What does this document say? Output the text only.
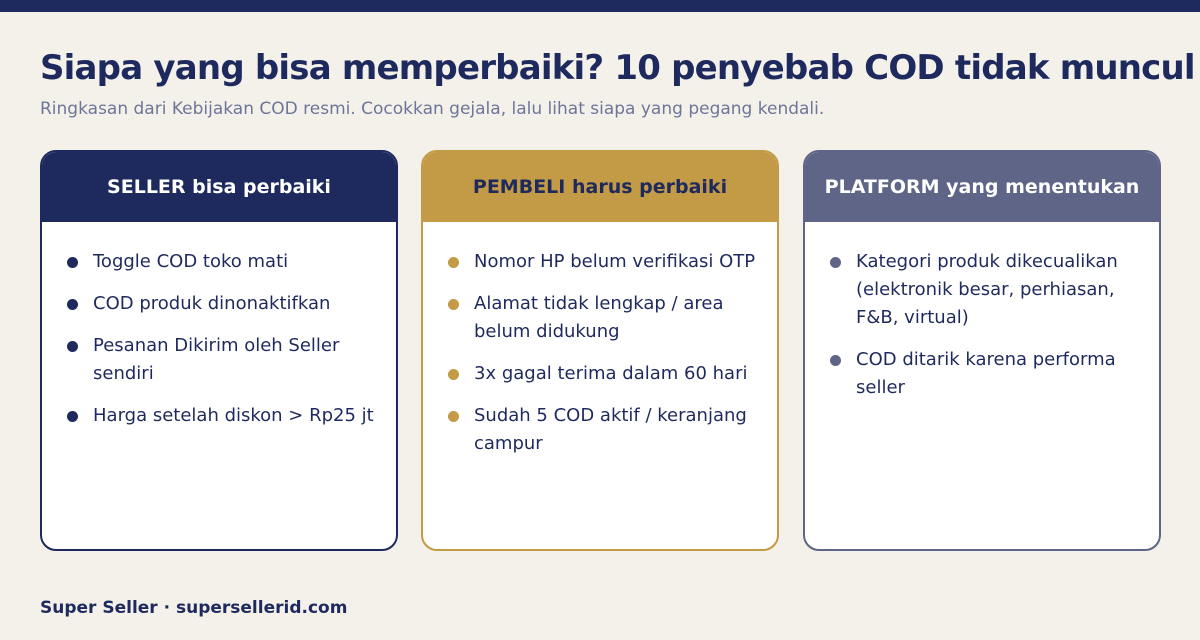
Siapa yang bisa memperbaiki? 10 penyebab COD tidak muncul

Ringkasan dari Kebijakan COD resmi. Cocokkan gejala, lalu lihat siapa yang pegang kendali.

SELLER bisa perbaiki
Toggle COD toko mati
COD produk dinonaktifkan
Pesanan Dikirim oleh Seller sendiri
Harga setelah diskon > Rp25 jt
PEMBELI harus perbaiki
Nomor HP belum verifikasi OTP
Alamat tidak lengkap / area belum didukung
3x gagal terima dalam 60 hari
Sudah 5 COD aktif / keranjang campur
PLATFORM yang menentukan
Kategori produk dikecualikan (elektronik besar, perhiasan, F&B, virtual)
COD ditarik karena performa seller

Super Seller · supersellerid.com
